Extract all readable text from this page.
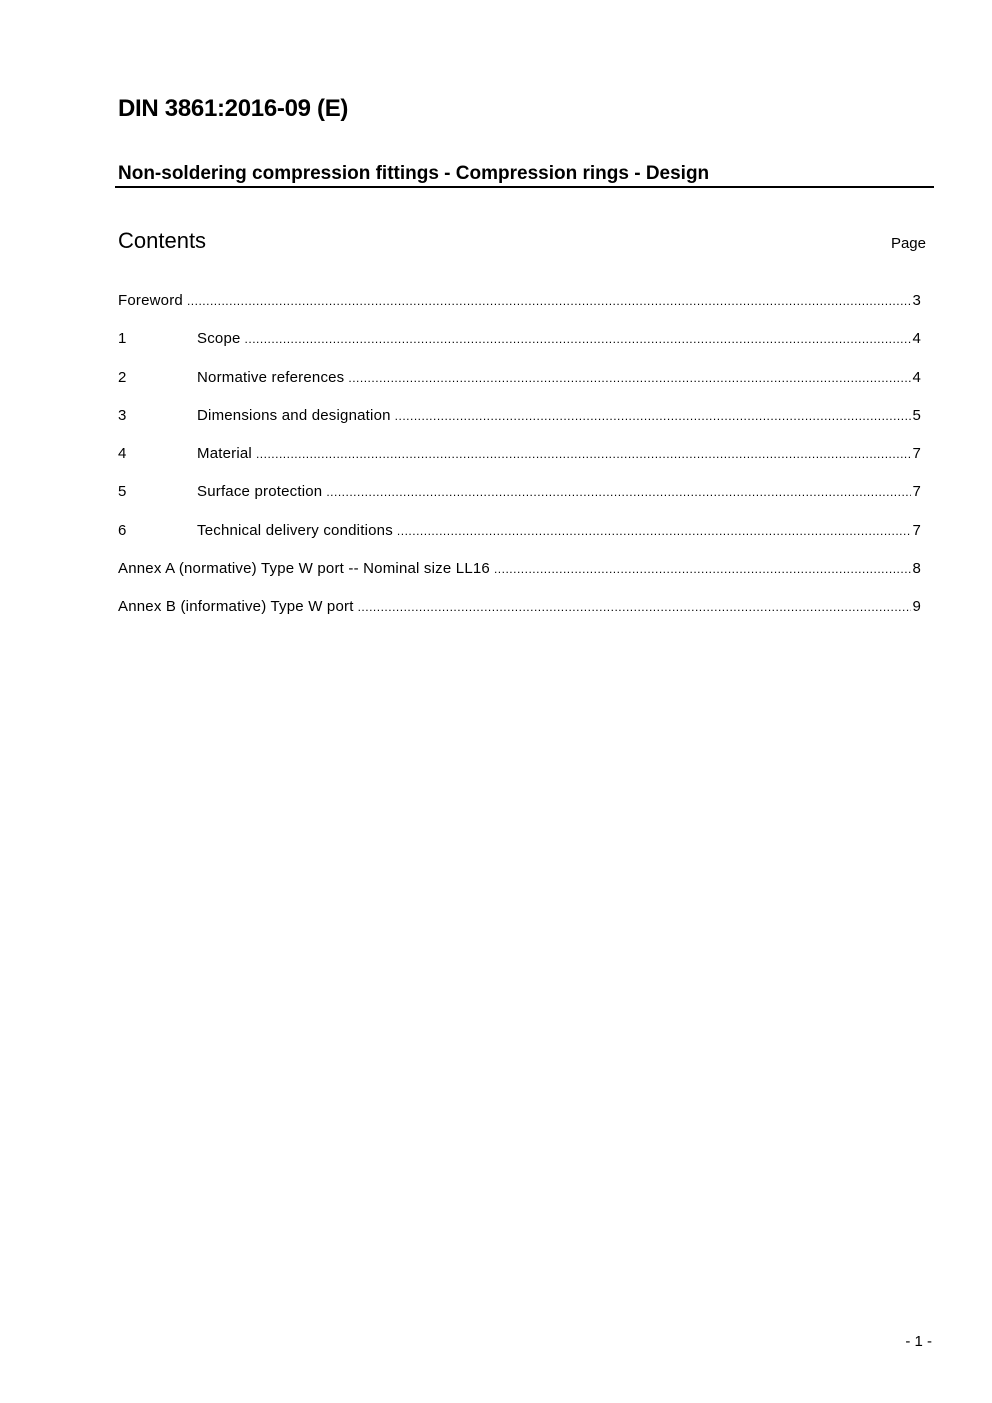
DIN 3861:2016-09 (E)
Non-soldering compression fittings - Compression rings - Design
Contents	Page
Foreword .....	3
1	Scope .....	4
2	Normative references .....	4
3	Dimensions and designation .....	5
4	Material .....	7
5	Surface protection .....	7
6	Technical delivery conditions .....	7
Annex A (normative) Type W port -- Nominal size LL16 .....	8
Annex B (informative) Type W port .....	9
- 1 -
